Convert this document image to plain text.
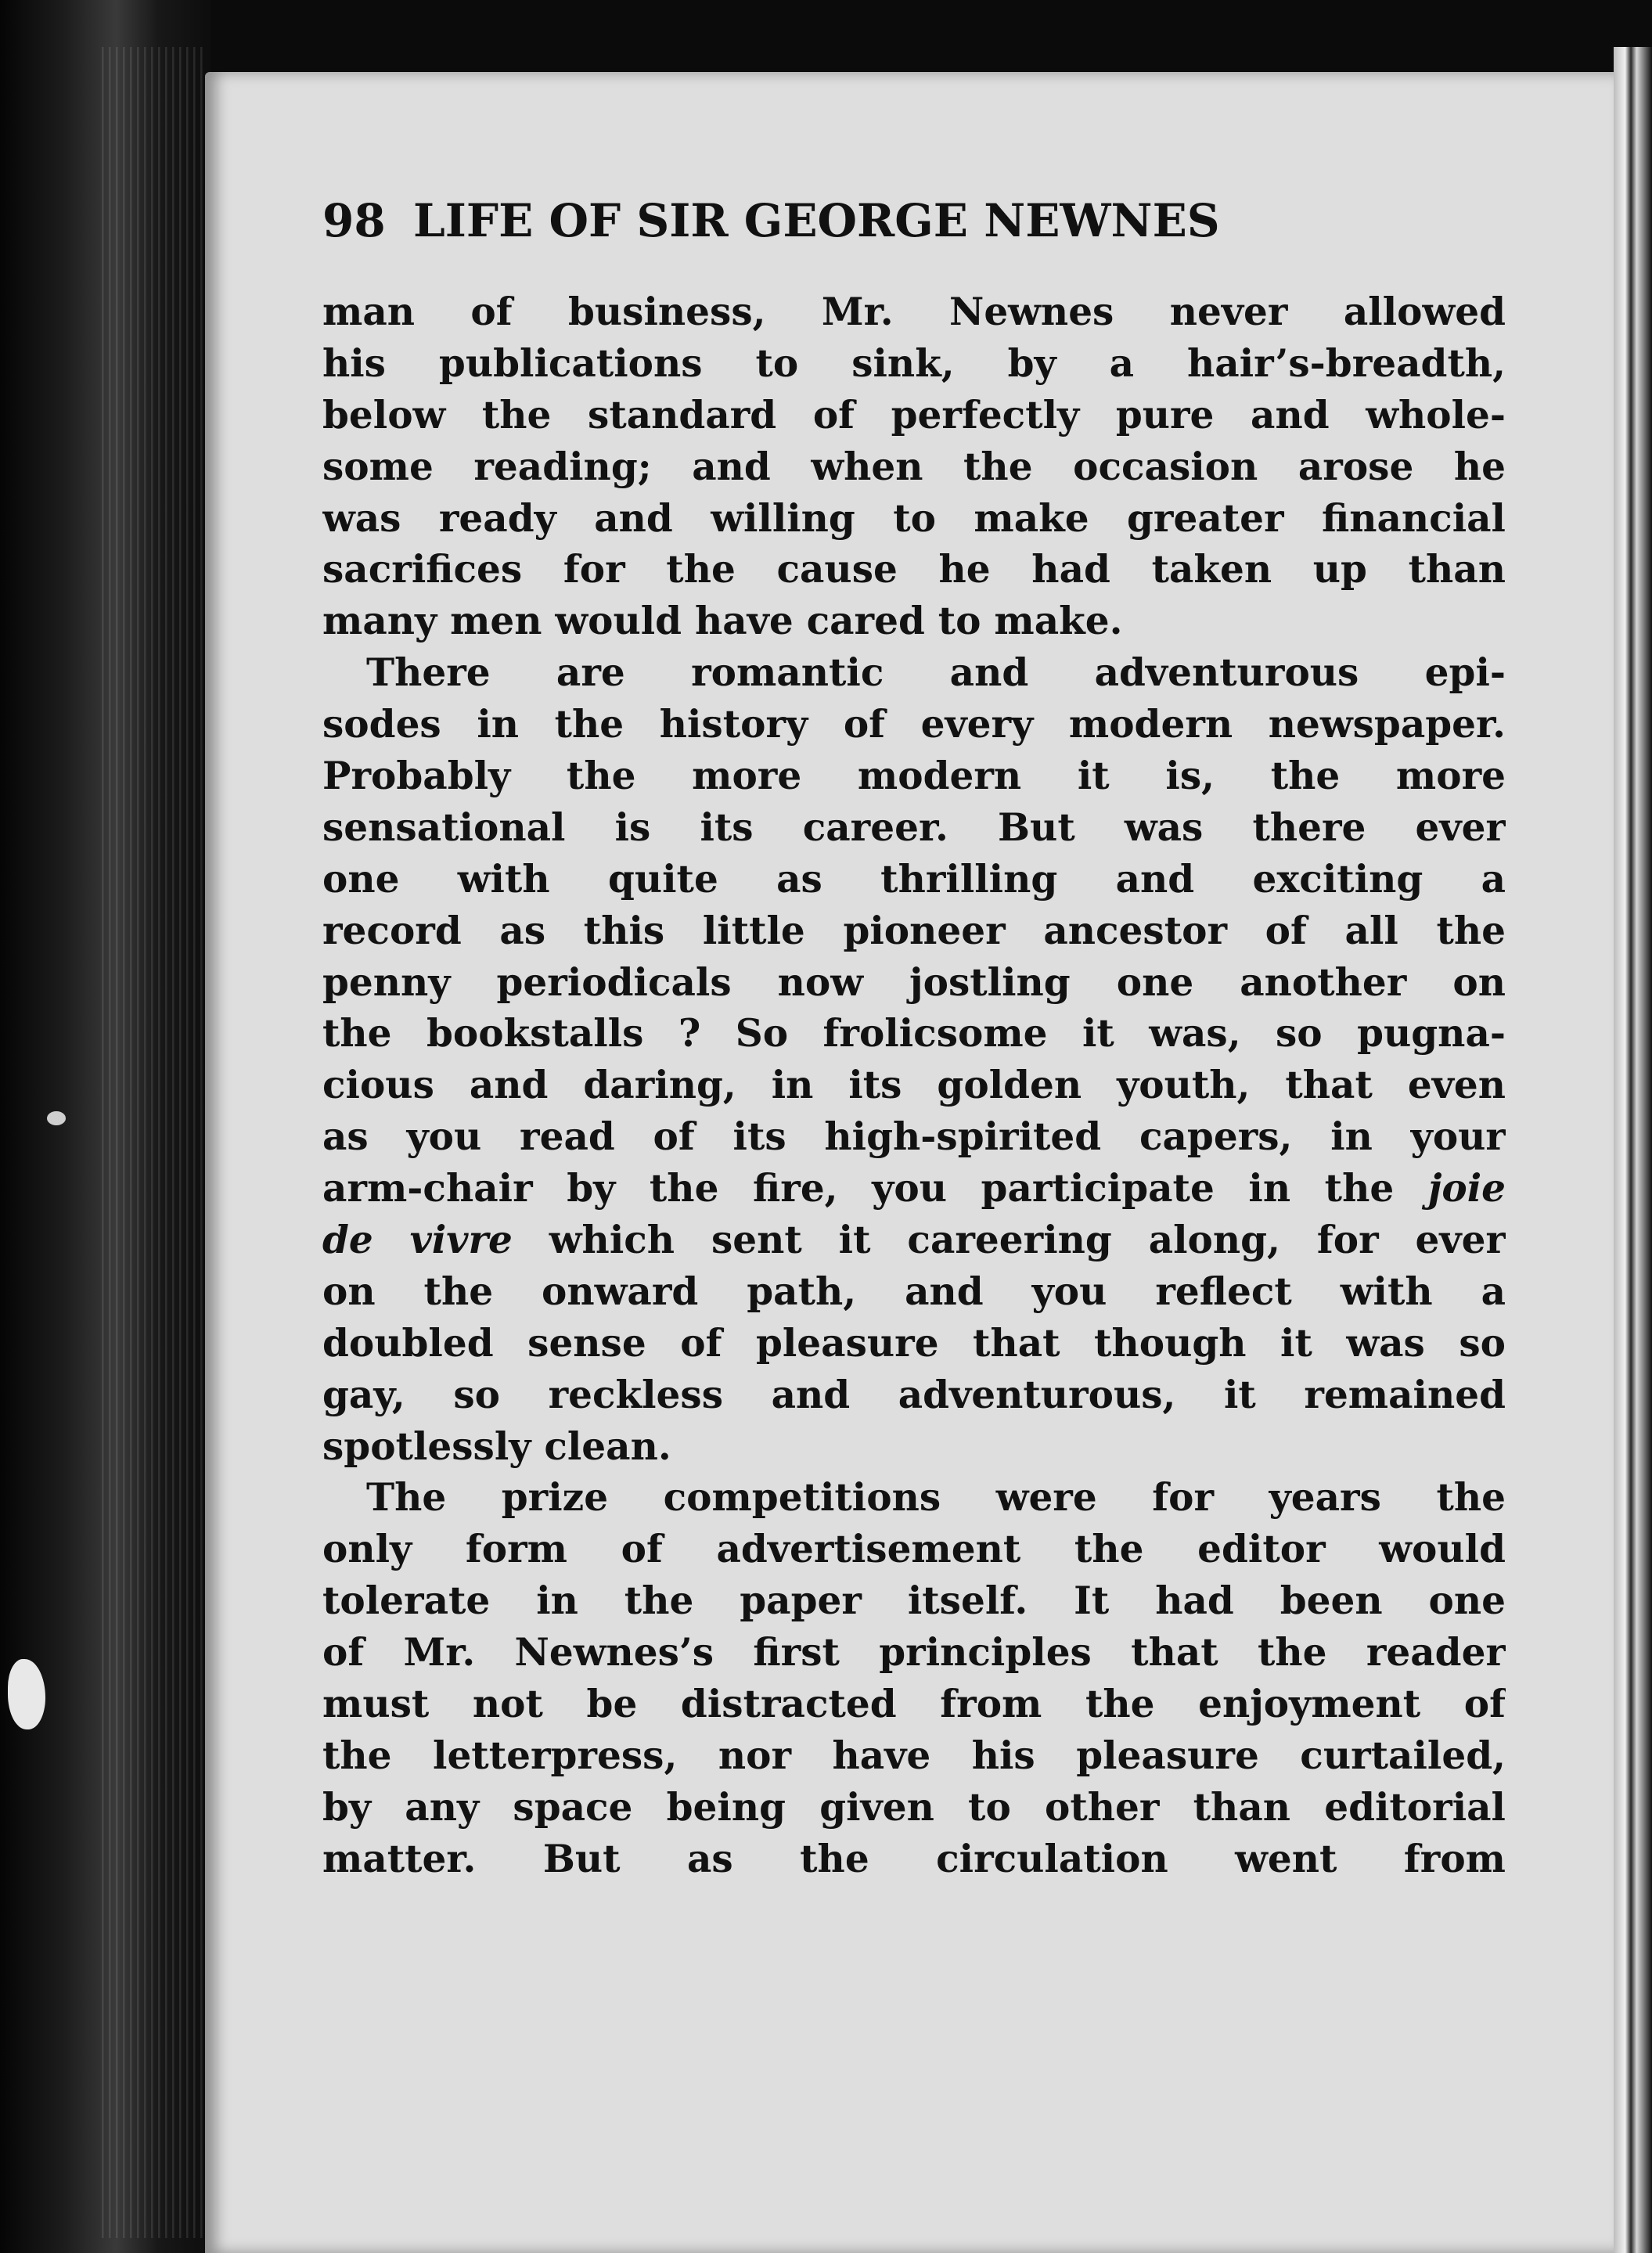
98 LIFE OF SIR GEORGE NEWNES
man of business, Mr. Newnes never allowed
his publications to sink, by a hair’s-breadth,
below the standard of perfectly pure and whole-
some reading; and when the occasion arose he
was ready and willing to make greater financial
sacrifices for the cause he had taken up than
many men would have cared to make.
There are romantic and adventurous epi-
sodes in the history of every modern newspaper.
Probably the more modern it is, the more
sensational is its career. But was there ever
one with quite as thrilling and exciting a
record as this little pioneer ancestor of all the
penny periodicals now jostling one another on
the bookstalls ? So frolicsome it was, so pugna-
cious and daring, in its golden youth, that even
as you read of its high-spirited capers, in your
arm-chair by the fire, you participate in the joie
de vivre which sent it careering along, for ever
on the onward path, and you reflect with a
doubled sense of pleasure that though it was so
gay, so reckless and adventurous, it remained
spotlessly clean.
The prize competitions were for years the
only form of advertisement the editor would
tolerate in the paper itself. It had been one
of Mr. Newnes’s first principles that the reader
must not be distracted from the enjoyment of
the letterpress, nor have his pleasure curtailed,
by any space being given to other than editorial
matter. But as the circulation went from
